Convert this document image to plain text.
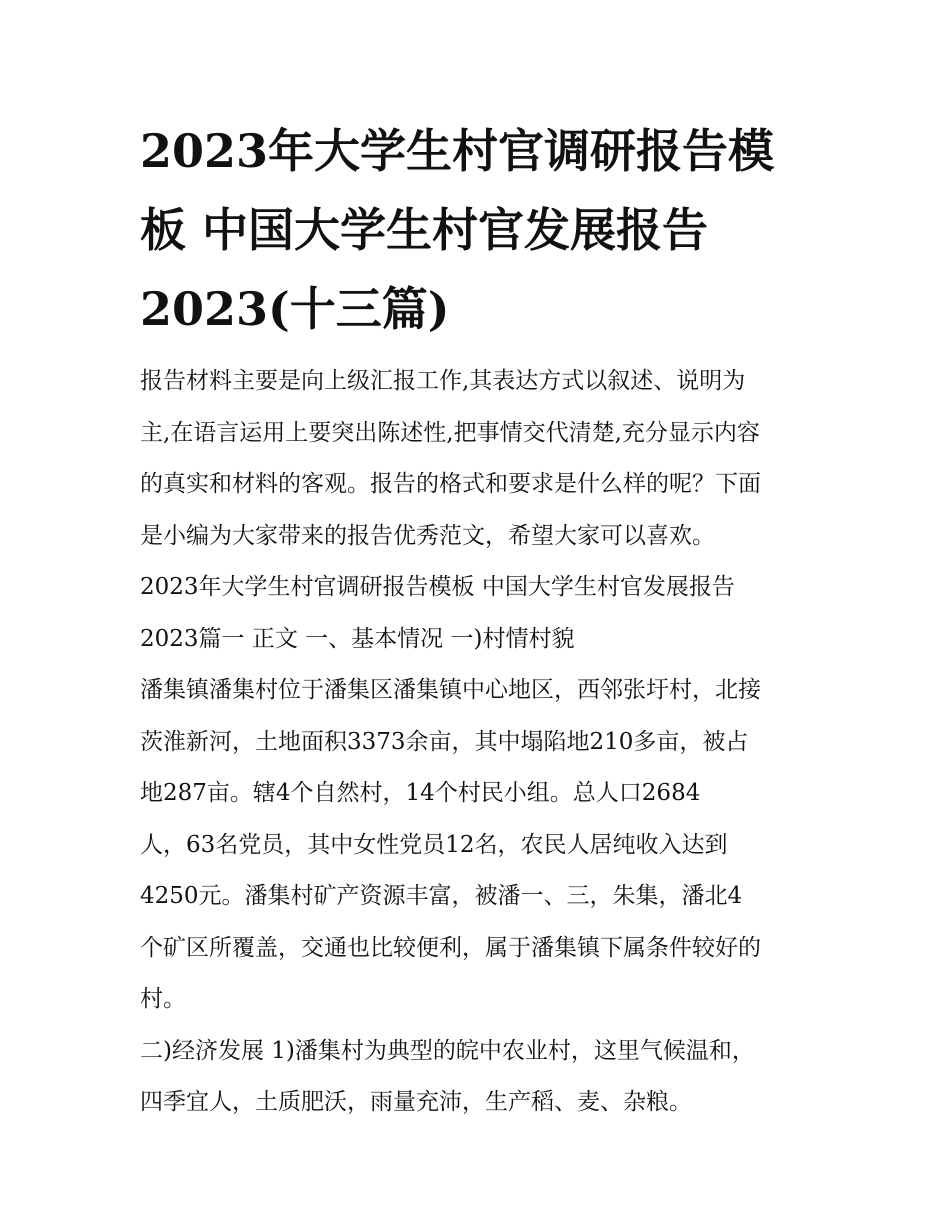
2023年大学生村官调研报告模
板 中国大学生村官发展报告
2023(十三篇)
报告材料主要是向上级汇报工作,其表达方式以叙述、说明为
主,在语言运用上要突出陈述性,把事情交代清楚,充分显示内容
的真实和材料的客观。报告的格式和要求是什么样的呢？下面
是小编为大家带来的报告优秀范文，希望大家可以喜欢。
2023年大学生村官调研报告模板 中国大学生村官发展报告
2023篇一 正文 一、基本情况 一)村情村貌
潘集镇潘集村位于潘集区潘集镇中心地区，西邻张圩村，北接
茨淮新河，土地面积3373余亩，其中塌陷地210多亩，被占
地287亩。辖4个自然村，14个村民小组。总人口2684
人，63名党员，其中女性党员12名，农民人居纯收入达到
4250元。潘集村矿产资源丰富，被潘一、三，朱集，潘北4
个矿区所覆盖，交通也比较便利，属于潘集镇下属条件较好的
村。
二)经济发展 1)潘集村为典型的皖中农业村，这里气候温和，
四季宜人，土质肥沃，雨量充沛，生产稻、麦、杂粮。
